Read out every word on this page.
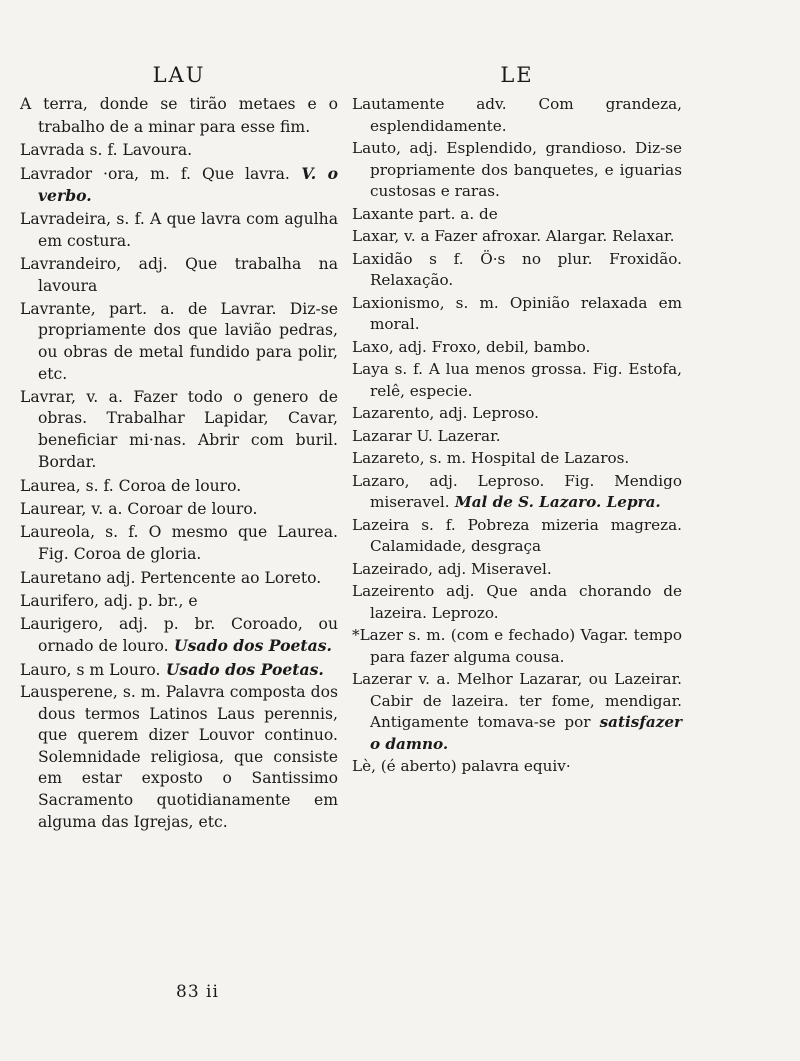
LAU
A terra, donde se tirão metaes e o trabalho de a minar para esse fim.
Lavrada s. f. Lavoura.
Lavrador ·ora, m. f. Que lavra. V. o verbo.
Lavradeira, s. f. A que lavra com agulha em costura.
Lavrandeiro, adj. Que trabalha na lavoura
Lavrante, part. a. de Lavrar. Diz-se propriamente dos que lavião pedras, ou obras de metal fundido para polir, etc.
Lavrar, v. a. Fazer todo o genero de obras. Trabalhar Lapidar, Cavar, beneficiar mi·nas. Abrir com buril. Bordar.
Laurea, s. f. Coroa de louro.
Laurear, v. a. Coroar de louro.
Laureola, s. f. O mesmo que Laurea. Fig. Coroa de gloria.
Lauretano adj. Pertencente ao Loreto.
Laurifero, adj. p. br., e
Laurigero, adj. p. br. Coroado, ou ornado de louro. Usado dos Poetas.
Lauro, s m Louro. Usado dos Poetas.
Lausperene, s. m. Palavra composta dos dous termos Latinos Laus perennis, que querem dizer Louvor continuo. Solemnidade religiosa, que consiste em estar exposto o Santissimo Sacramento quotidianamente em alguma das Igrejas, etc.
LE
Lautamente adv. Com grandeza, esplendidamente.
Lauto, adj. Esplendido, grandioso. Diz-se propriamente dos banquetes, e iguarias custosas e raras.
Laxante part. a. de
Laxar, v. a Fazer afroxar. Alargar. Relaxar.
Laxidão s f. Ö·s no plur. Froxidão. Relaxação.
Laxionismo, s. m. Opinião relaxada em moral.
Laxo, adj. Froxo, debil, bambo.
Laya s. f. A lua menos grossa. Fig. Estofa, relê, especie.
Lazarento, adj. Leproso.
Lazarar U. Lazerar.
Lazareto, s. m. Hospital de Lazaros.
Lazaro, adj. Leproso. Fig. Mendigo miseravel. Mal de S. Lazaro. Lepra.
Lazeira s. f. Pobreza mizeria magreza. Calamidade, desgraça
Lazeirado, adj. Miseravel.
Lazeirento adj. Que anda chorando de lazeira. Leprozo.
*Lazer s. m. (com e fechado) Vagar. tempo para fazer alguma cousa.
Lazerar v. a. Melhor Lazarar, ou Lazeirar. Cabir de lazeira. ter fome, mendigar. Antigamente tomava-se por satisfazer o damno.
Lè, (é aberto) palavra equiv·
83 ii
